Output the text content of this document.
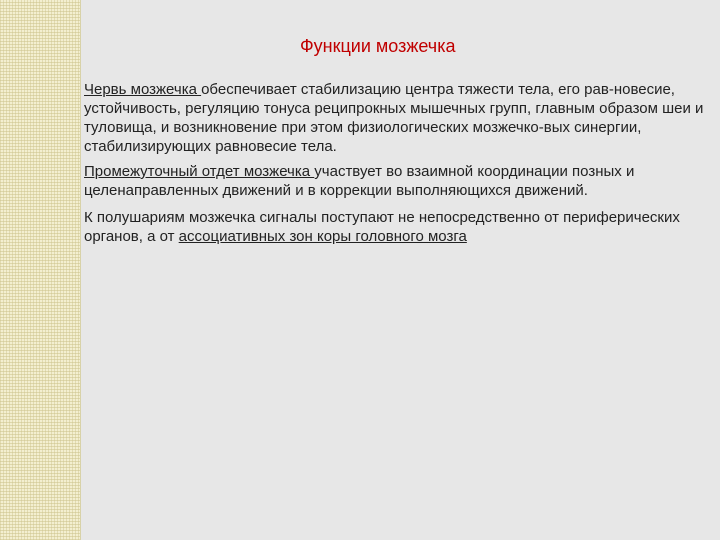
Функции мозжечка

Червь мозжечка обеспечивает стабилизацию центра тяжести тела, его рав-новесие, устойчивость, регуляцию тонуса реципрокных мышечных групп, главным образом шеи и туловища, и возникновение при этом физиологических мозжечко-вых синергии, стабилизирующих равновесие тела.

Промежуточный отдет мозжечка участвует во взаимной координации позных и целенаправленных движений и в коррекции выполняющихся движений.

К полушариям мозжечка сигналы поступают не непосредственно от периферических органов, а от ассоциативных зон коры головного мозга
